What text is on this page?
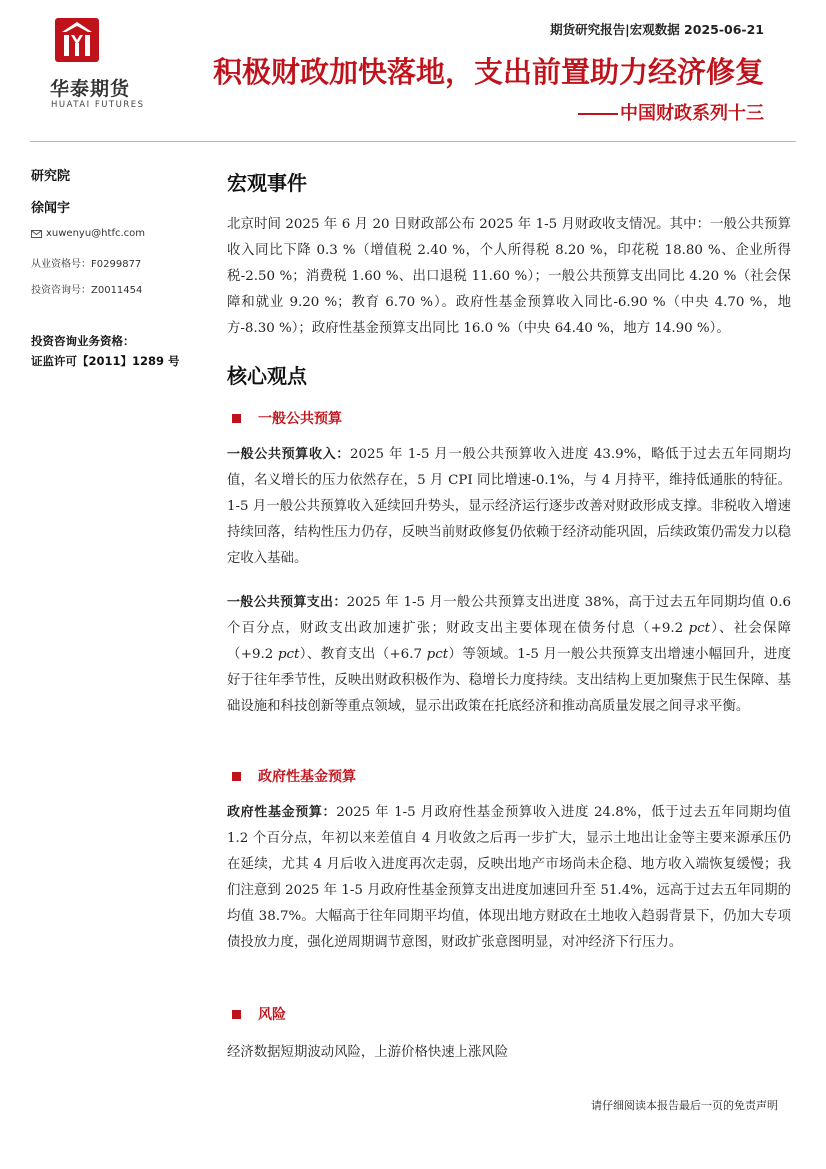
华泰期货
HUATAI FUTURES
期货研究报告|宏观数据 2025-06-21
积极财政加快落地，支出前置助力经济修复
中国财政系列十三
研究院
徐闻宇
xuwenyu@htfc.com
从业资格号：F0299877
投资咨询号：Z0011454
投资咨询业务资格：
证监许可【2011】1289 号
宏观事件

北京时间 2025 年 6 月 20 日财政部公布 2025 年 1-5 月财政收支情况。其中：一般公共预算收入同比下降 0.3 %（增值税 2.40 %，个人所得税 8.20 %，印花税 18.80 %、企业所得税-2.50 %；消费税 1.60 %、出口退税 11.60 %）；一般公共预算支出同比 4.20 %（社会保障和就业 9.20 %；教育 6.70 %）。政府性基金预算收入同比-6.90 %（中央 4.70 %，地方-8.30 %）；政府性基金预算支出同比 16.0 %（中央 64.40 %，地方 14.90 %）。

核心观点
一般公共预算

一般公共预算收入：2025 年 1-5 月一般公共预算收入进度 43.9%，略低于过去五年同期均值，名义增长的压力依然存在，5 月 CPI 同比增速-0.1%，与 4 月持平，维持低通胀的特征。1-5 月一般公共预算收入延续回升势头，显示经济运行逐步改善对财政形成支撑。非税收入增速持续回落，结构性压力仍存，反映当前财政修复仍依赖于经济动能巩固，后续政策仍需发力以稳定收入基础。

一般公共预算支出：2025 年 1-5 月一般公共预算支出进度 38%，高于过去五年同期均值 0.6 个百分点，财政支出政加速扩张；财政支出主要体现在债务付息（+9.2 pct）、社会保障（+9.2 pct）、教育支出（+6.7 pct）等领域。1-5 月一般公共预算支出增速小幅回升，进度好于往年季节性，反映出财政积极作为、稳增长力度持续。支出结构上更加聚焦于民生保障、基础设施和科技创新等重点领域，显示出政策在托底经济和推动高质量发展之间寻求平衡。

政府性基金预算

政府性基金预算：2025 年 1-5 月政府性基金预算收入进度 24.8%，低于过去五年同期均值 1.2 个百分点，年初以来差值自 4 月收敛之后再一步扩大，显示土地出让金等主要来源承压仍在延续，尤其 4 月后收入进度再次走弱，反映出地产市场尚未企稳、地方收入端恢复缓慢；我们注意到 2025 年 1-5 月政府性基金预算支出进度加速回升至 51.4%，远高于过去五年同期的均值 38.7%。大幅高于往年同期平均值，体现出地方财政在土地收入趋弱背景下，仍加大专项债投放力度，强化逆周期调节意图，财政扩张意图明显，对冲经济下行压力。

风险

经济数据短期波动风险，上游价格快速上涨风险

请仔细阅读本报告最后一页的免责声明
